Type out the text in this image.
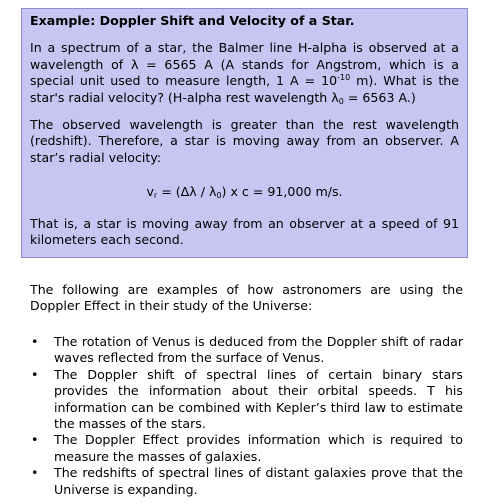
Example: Doppler Shift and Velocity of a Star.
In a spectrum of a star, the Balmer line H-alpha is observed at a wavelength of λ = 6565 A (A stands for Angstrom, which is a special unit used to measure length, 1 $A = 10^{-10}$ m). What is the star's radial velocity? (H-alpha rest wavelength $\lambda_0 = 6563$ A.)
The observed wavelength is greater than the rest wavelength (redshift). Therefore, a star is moving away from an observer. A star’s radial velocity:
$v_r = (\Delta\lambda / \lambda_0)$ x c = 91,000 m/s.
That is, a star is moving away from an observer at a speed of 91 kilometers each second.
The following are examples of how astronomers are using the Doppler Effect in their study of the Universe:
• The rotation of Venus is deduced from the Doppler shift of radar waves reflected from the surface of Venus.
• The Doppler shift of spectral lines of certain binary stars provides the information about their orbital speeds. T his information can be combined with Kepler’s third law to estimate the masses of the stars.
• The Doppler Effect provides information which is required to measure the masses of galaxies.
• The redshifts of spectral lines of distant galaxies prove that the Universe is expanding.
